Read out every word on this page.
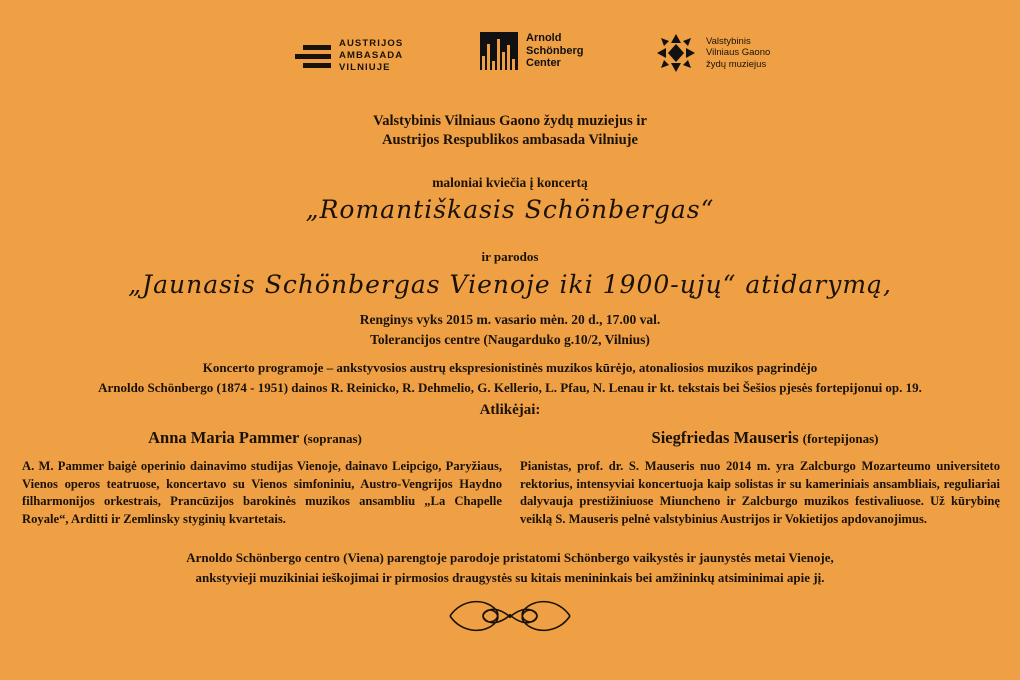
AUSTRIJOS
AMBASADA
VILNIUJE
Arnold
Schönberg
Center
Valstybinis
Vilniaus Gaono
žydų muziejus
Valstybinis Vilniaus Gaono žydų muziejus ir
Austrijos Respublikos ambasada Vilniuje
maloniai kviečia į koncertą
„Romantiškasis Schönbergas“
ir parodos
„Jaunasis Schönbergas Vienoje iki 1900-ųjų“ atidarymą,
Renginys vyks 2015 m. vasario mėn. 20 d., 17.00 val.
Tolerancijos centre (Naugarduko g.10/2, Vilnius)
Koncerto programoje – ankstyvosios austrų ekspresionistinės muzikos kūrėjo, atonaliosios muzikos pagrindėjo
Arnoldo Schönbergo (1874 - 1951) dainos R. Reinicko, R. Dehmelio, G. Kellerio, L. Pfau, N. Lenau ir kt. tekstais bei Šešios pjesės fortepijonui op. 19.
Atlikėjai:
Anna Maria Pammer (sopranas)	Siegfriedas Mauseris (fortepijonas)
A. M. Pammer baigė operinio dainavimo studijas Vienoje, dainavo Leipcigo, Paryžiaus, Vienos operos teatruose, koncertavo su Vienos simfoniniu, Austro-Vengrijos Haydno filharmonijos orkestrais, Prancūzijos barokinės muzikos ansambliu „La Chapelle Royale“, Arditti ir Zemlinsky styginių kvartetais.
Pianistas, prof. dr. S. Mauseris nuo 2014 m. yra Zalcburgo Mozarteumo universiteto rektorius, intensyviai koncertuoja kaip solistas ir su kameriniais ansambliais, reguliariai dalyvauja prestižiniuose Miuncheno ir Zalcburgo muzikos festivaliuose. Už kūrybinę veiklą S. Mauseris pelnė valstybinius Austrijos ir Vokietijos apdovanojimus.
Arnoldo Schönbergo centro (Viena) parengtoje parodoje pristatomi Schönbergo vaikystės ir jaunystės metai Vienoje,
ankstyvieji muzikiniai ieškojimai ir pirmosios draugystės su kitais menininkais bei amžininkų atsiminimai apie jį.
